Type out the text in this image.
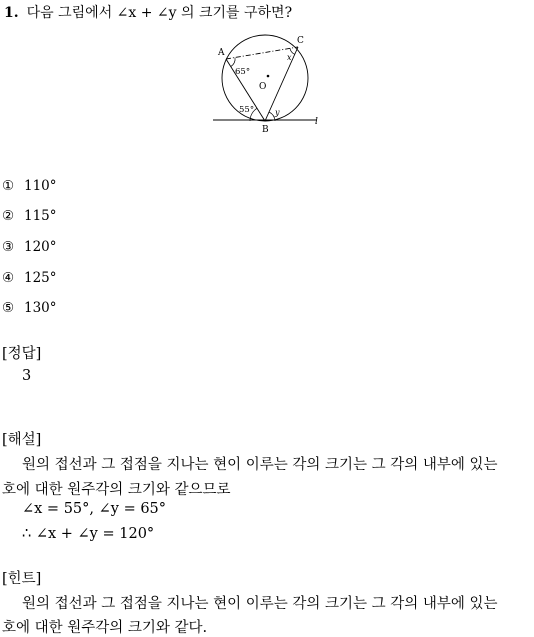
1. 다음 그림에서 ∠x + ∠y 의 크기를 구하면?
A
C
O
B
l
65°
55°
x
y
① 110°
② 115°
③ 120°
④ 125°
⑤ 130°
[정답]
3
[해설]
원의 접선과 그 접점을 지나는 현이 이루는 각의 크기는 그 각의 내부에 있는
호에 대한 원주각의 크기와 같으므로
∠x = 55°, ∠y = 65°
∴ ∠x + ∠y = 120°
[힌트]
원의 접선과 그 접점을 지나는 현이 이루는 각의 크기는 그 각의 내부에 있는
호에 대한 원주각의 크기와 같다.
